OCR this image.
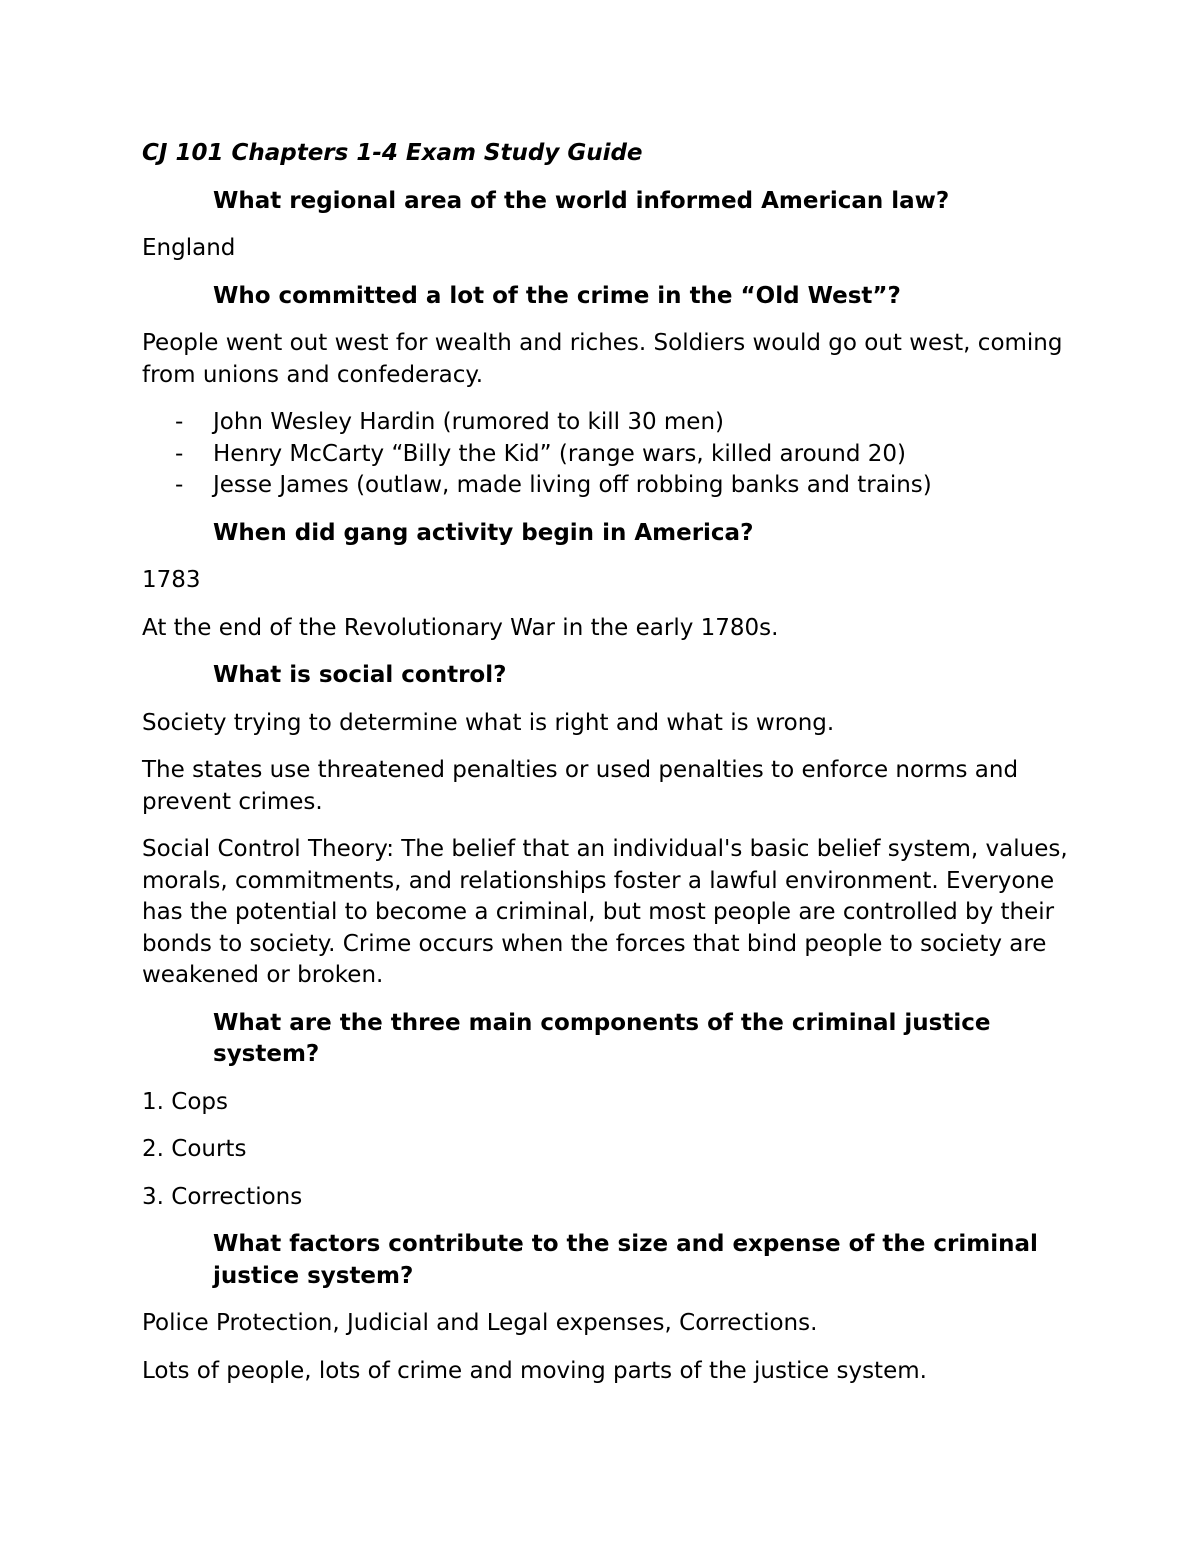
CJ 101 Chapters 1-4 Exam Study Guide
What regional area of the world informed American law?
England
Who committed a lot of the crime in the “Old West”?
People went out west for wealth and riches. Soldiers would go out west, coming from unions and confederacy.
- John Wesley Hardin (rumored to kill 30 men)
- Henry McCarty “Billy the Kid” (range wars, killed around 20)
- Jesse James (outlaw, made living off robbing banks and trains)
When did gang activity begin in America?
1783
At the end of the Revolutionary War in the early 1780s.
What is social control?
Society trying to determine what is right and what is wrong.
The states use threatened penalties or used penalties to enforce norms and prevent crimes.
Social Control Theory: The belief that an individual's basic belief system, values, morals, commitments, and relationships foster a lawful environment. Everyone has the potential to become a criminal, but most people are controlled by their bonds to society. Crime occurs when the forces that bind people to society are weakened or broken.
What are the three main components of the criminal justice system?
1. Cops
2. Courts
3. Corrections
What factors contribute to the size and expense of the criminal justice system?
Police Protection, Judicial and Legal expenses, Corrections.
Lots of people, lots of crime and moving parts of the justice system.
